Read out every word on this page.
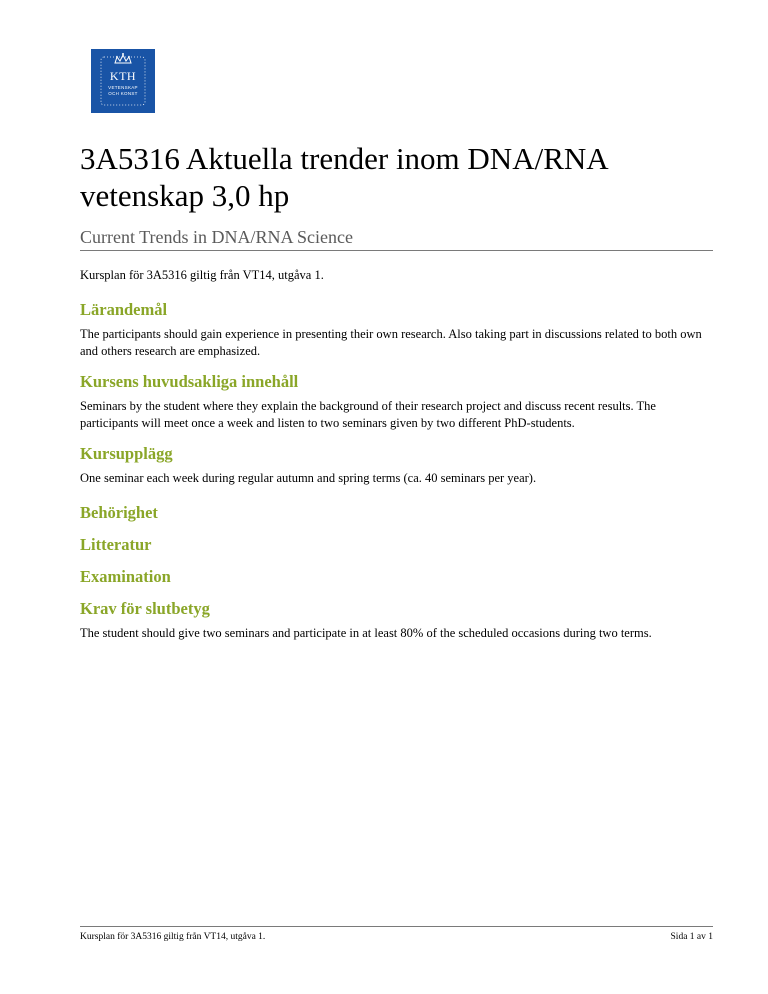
KTH
VETENSKAP
OCH KONST
3A5316 Aktuella trender inom DNA/RNA vetenskap 3,0 hp
Current Trends in DNA/RNA Science

Kursplan för 3A5316 giltig från VT14, utgåva 1.

Lärandemål

The participants should gain experience in presenting their own research. Also taking part in discussions related to both own and others research are emphasized.

Kursens huvudsakliga innehåll

Seminars by the student where they explain the background of their research project and discuss recent results. The participants will meet once a week and listen to two seminars given by two different PhD-students.

Kursupplägg

One seminar each week during regular autumn and spring terms (ca. 40 seminars per year).

Behörighet
Litteratur
Examination
Krav för slutbetyg

The student should give two seminars and participate in at least 80% of the scheduled occasions during two terms.

Kursplan för 3A5316 giltig från VT14, utgåva 1.	Sida 1 av 1
